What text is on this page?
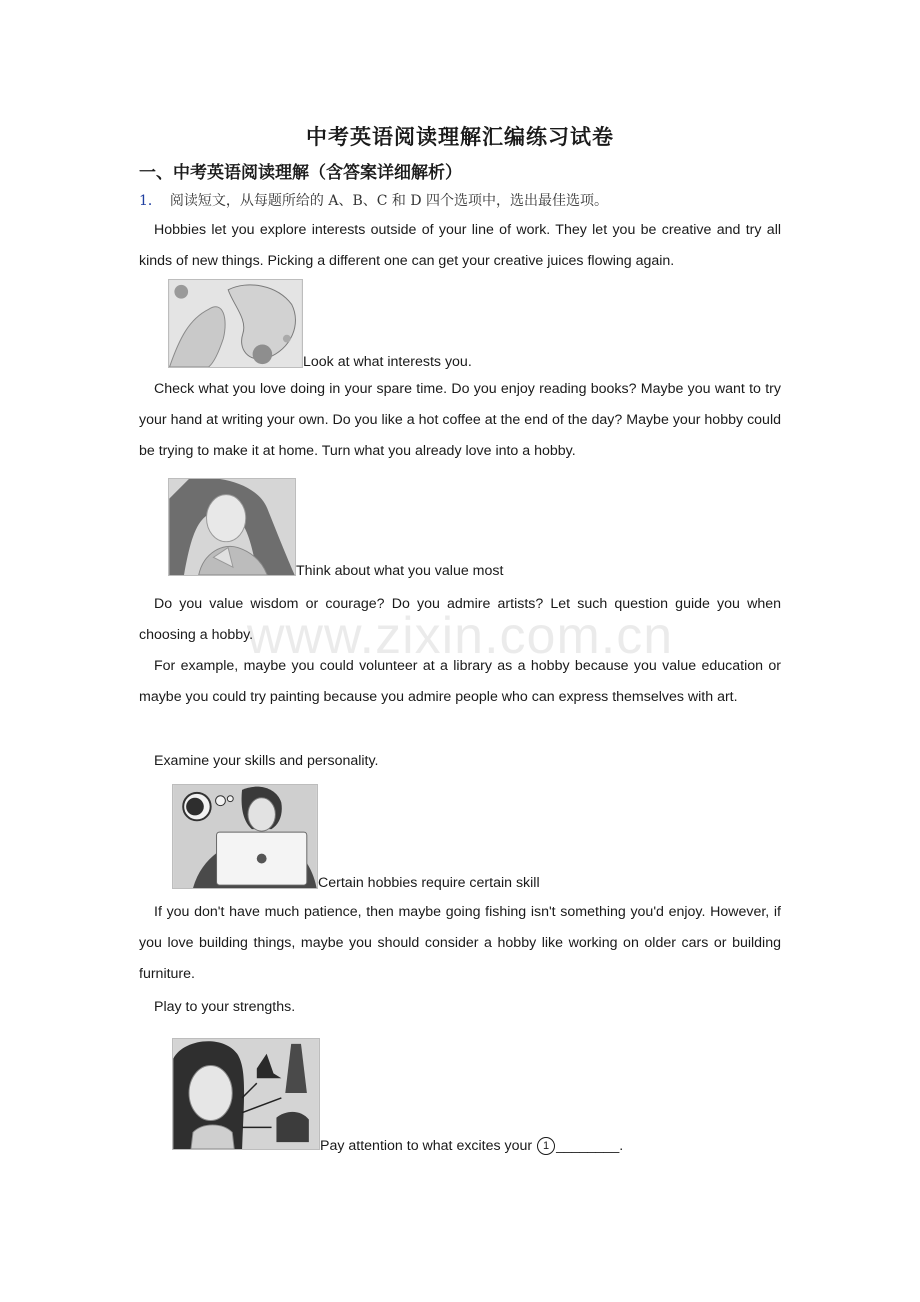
中考英语阅读理解汇编练习试卷
一、中考英语阅读理解（含答案详细解析）
1． 阅读短文，从每题所给的 A、B、C 和 D 四个选项中，选出最佳选项。
Hobbies let you explore interests outside of your line of work. They let you be creative and try all kinds of new things. Picking a different one can get your creative juices flowing again.
Look at what interests you.
Check what you love doing in your spare time. Do you enjoy reading books? Maybe you want to try your hand at writing your own. Do you like a hot coffee at the end of the day? Maybe your hobby could be trying to make it at home. Turn what you already love into a hobby.
Think about what you value most
Do you value wisdom or courage? Do you admire artists? Let such question guide you when choosing a hobby.
For example, maybe you could volunteer at a library as a hobby because you value education or maybe you could try painting because you admire people who can express themselves with art.
Examine your skills and personality.
Certain hobbies require certain skill
If you don't have much patience, then maybe going fishing isn't something you'd enjoy. However, if you love building things, maybe you should consider a hobby like working on older cars or building furniture.
Play to your strengths.
Pay attention to what excites your 1 ________.
www.zixin.com.cn
